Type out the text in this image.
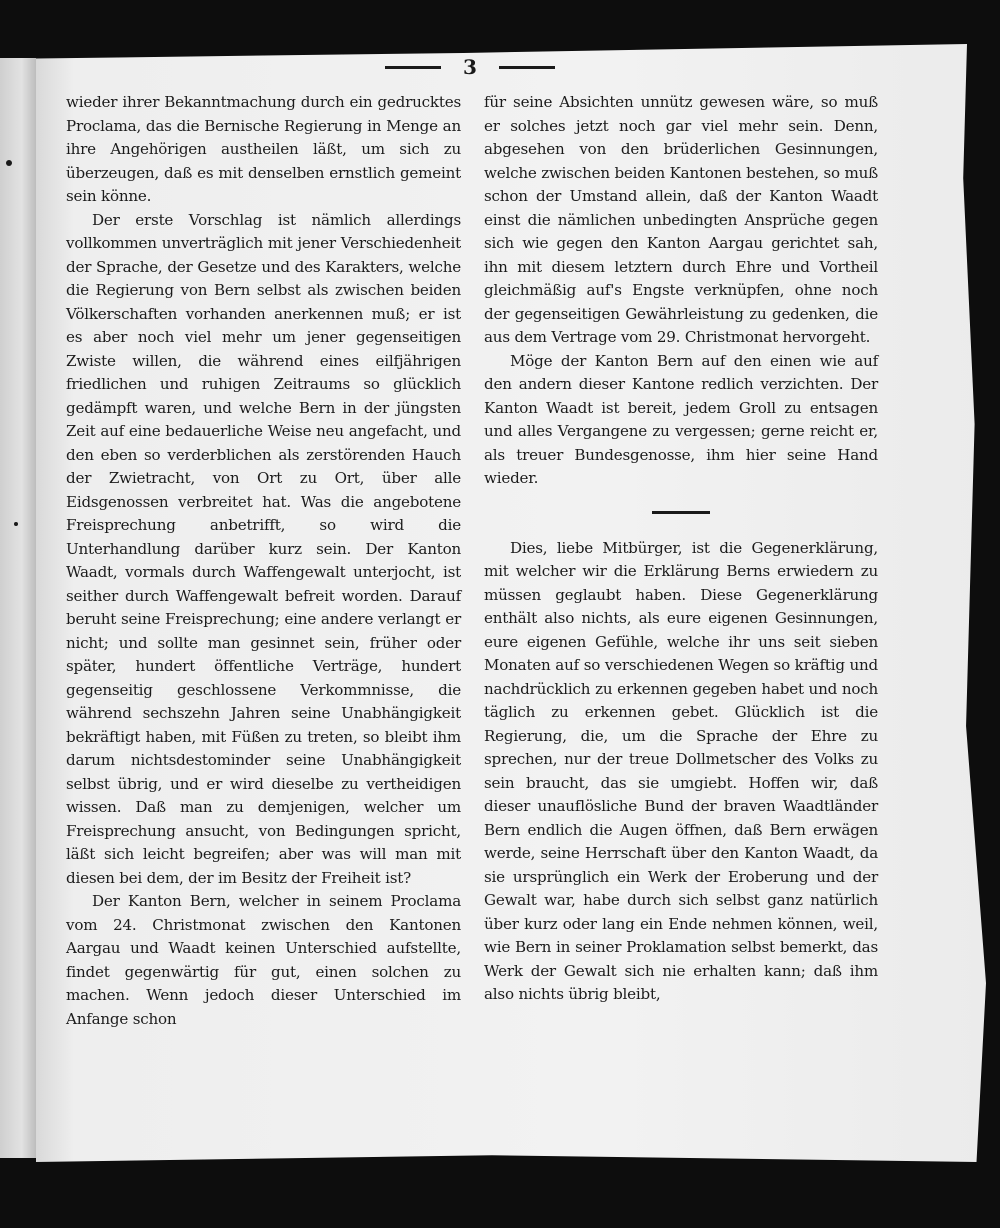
3

wieder ihrer Bekanntmachung durch ein gedrucktes Proclama, das die Bernische Regierung in Menge an ihre Angehörigen austheilen läßt, um sich zu überzeugen, daß es mit denselben ernstlich gemeint sein könne.

Der erste Vorschlag ist nämlich allerdings vollkommen unverträglich mit jener Verschiedenheit der Sprache, der Gesetze und des Karakters, welche die Regierung von Bern selbst als zwischen beiden Völkerschaften vorhanden anerkennen muß; er ist es aber noch viel mehr um jener gegenseitigen Zwiste willen, die während eines eilfjährigen friedlichen und ruhigen Zeitraums so glücklich gedämpft waren, und welche Bern in der jüngsten Zeit auf eine bedauerliche Weise neu angefacht, und den eben so verderblichen als zerstörenden Hauch der Zwietracht, von Ort zu Ort, über alle Eidsgenossen verbreitet hat. Was die angebotene Freisprechung anbetrifft, so wird die Unterhandlung darüber kurz sein. Der Kanton Waadt, vormals durch Waffengewalt unterjocht, ist seither durch Waffengewalt befreit worden. Darauf beruht seine Freisprechung; eine andere verlangt er nicht; und sollte man gesinnet sein, früher oder später, hundert öffentliche Verträge, hundert gegenseitig geschlossene Verkommnisse, die während sechszehn Jahren seine Unabhängigkeit bekräftigt haben, mit Füßen zu treten, so bleibt ihm darum nichtsdestominder seine Unabhängigkeit selbst übrig, und er wird dieselbe zu vertheidigen wissen. Daß man zu demjenigen, welcher um Freisprechung ansucht, von Bedingungen spricht, läßt sich leicht begreifen; aber was will man mit diesen bei dem, der im Besitz der Freiheit ist?

Der Kanton Bern, welcher in seinem Proclama vom 24. Christmonat zwischen den Kantonen Aargau und Waadt keinen Unterschied aufstellte, findet gegenwärtig für gut, einen solchen zu machen. Wenn jedoch dieser Unterschied im Anfange schon

für seine Absichten unnütz gewesen wäre, so muß er solches jetzt noch gar viel mehr sein. Denn, abgesehen von den brüderlichen Gesinnungen, welche zwischen beiden Kantonen bestehen, so muß schon der Umstand allein, daß der Kanton Waadt einst die nämlichen unbedingten Ansprüche gegen sich wie gegen den Kanton Aargau gerichtet sah, ihn mit diesem letztern durch Ehre und Vortheil gleichmäßig auf's Engste verknüpfen, ohne noch der gegenseitigen Gewährleistung zu gedenken, die aus dem Vertrage vom 29. Christmonat hervorgeht.

Möge der Kanton Bern auf den einen wie auf den andern dieser Kantone redlich verzichten. Der Kanton Waadt ist bereit, jedem Groll zu entsagen und alles Vergangene zu vergessen; gerne reicht er, als treuer Bundesgenosse, ihm hier seine Hand wieder.

Dies, liebe Mitbürger, ist die Gegenerklärung, mit welcher wir die Erklärung Berns erwiedern zu müssen geglaubt haben. Diese Gegenerklärung enthält also nichts, als eure eigenen Gesinnungen, eure eigenen Gefühle, welche ihr uns seit sieben Monaten auf so verschiedenen Wegen so kräftig und nachdrücklich zu erkennen gegeben habet und noch täglich zu erkennen gebet. Glücklich ist die Regierung, die, um die Sprache der Ehre zu sprechen, nur der treue Dollmetscher des Volks zu sein braucht, das sie umgiebt. Hoffen wir, daß dieser unauflösliche Bund der braven Waadtländer Bern endlich die Augen öffnen, daß Bern erwägen werde, seine Herrschaft über den Kanton Waadt, da sie ursprünglich ein Werk der Eroberung und der Gewalt war, habe durch sich selbst ganz natürlich über kurz oder lang ein Ende nehmen können, weil, wie Bern in seiner Proklamation selbst bemerkt, das Werk der Gewalt sich nie erhalten kann; daß ihm also nichts übrig bleibt,
